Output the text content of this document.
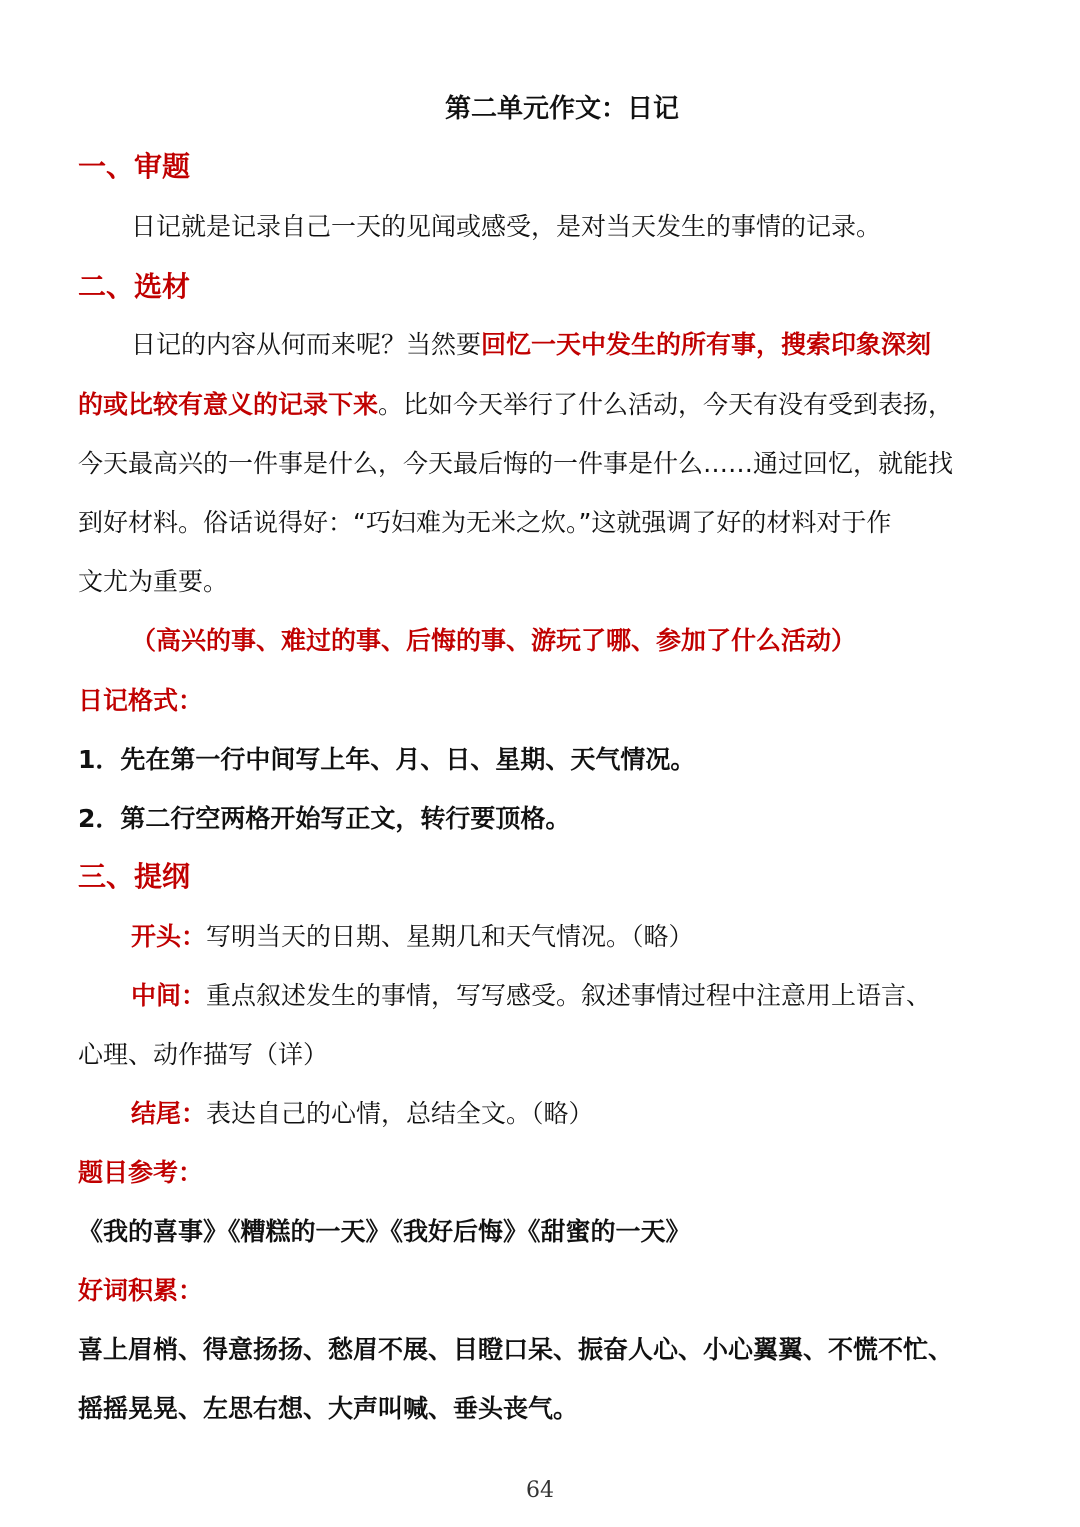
第二单元作文：日记
一、审题
日记就是记录自己一天的见闻或感受，是对当天发生的事情的记录。
二、选材
日记的内容从何而来呢？当然要回忆一天中发生的所有事，搜索印象深刻
的或比较有意义的记录下来。比如今天举行了什么活动，今天有没有受到表扬，
今天最高兴的一件事是什么，今天最后悔的一件事是什么……通过回忆，就能找
到好材料。俗话说得好：“巧妇难为无米之炊。”这就强调了好的材料对于作
文尤为重要。
（高兴的事、难过的事、后悔的事、游玩了哪、参加了什么活动）
日记格式：
1．先在第一行中间写上年、月、日、星期、天气情况。
2．第二行空两格开始写正文，转行要顶格。
三、提纲
开头：写明当天的日期、星期几和天气情况。（略）
中间：重点叙述发生的事情，写写感受。叙述事情过程中注意用上语言、
心理、动作描写（详）
结尾：表达自己的心情，总结全文。（略）
题目参考：
《我的喜事》《糟糕的一天》《我好后悔》《甜蜜的一天》
好词积累：
喜上眉梢、得意扬扬、愁眉不展、目瞪口呆、振奋人心、小心翼翼、不慌不忙、
摇摇晃晃、左思右想、大声叫喊、垂头丧气。
64
